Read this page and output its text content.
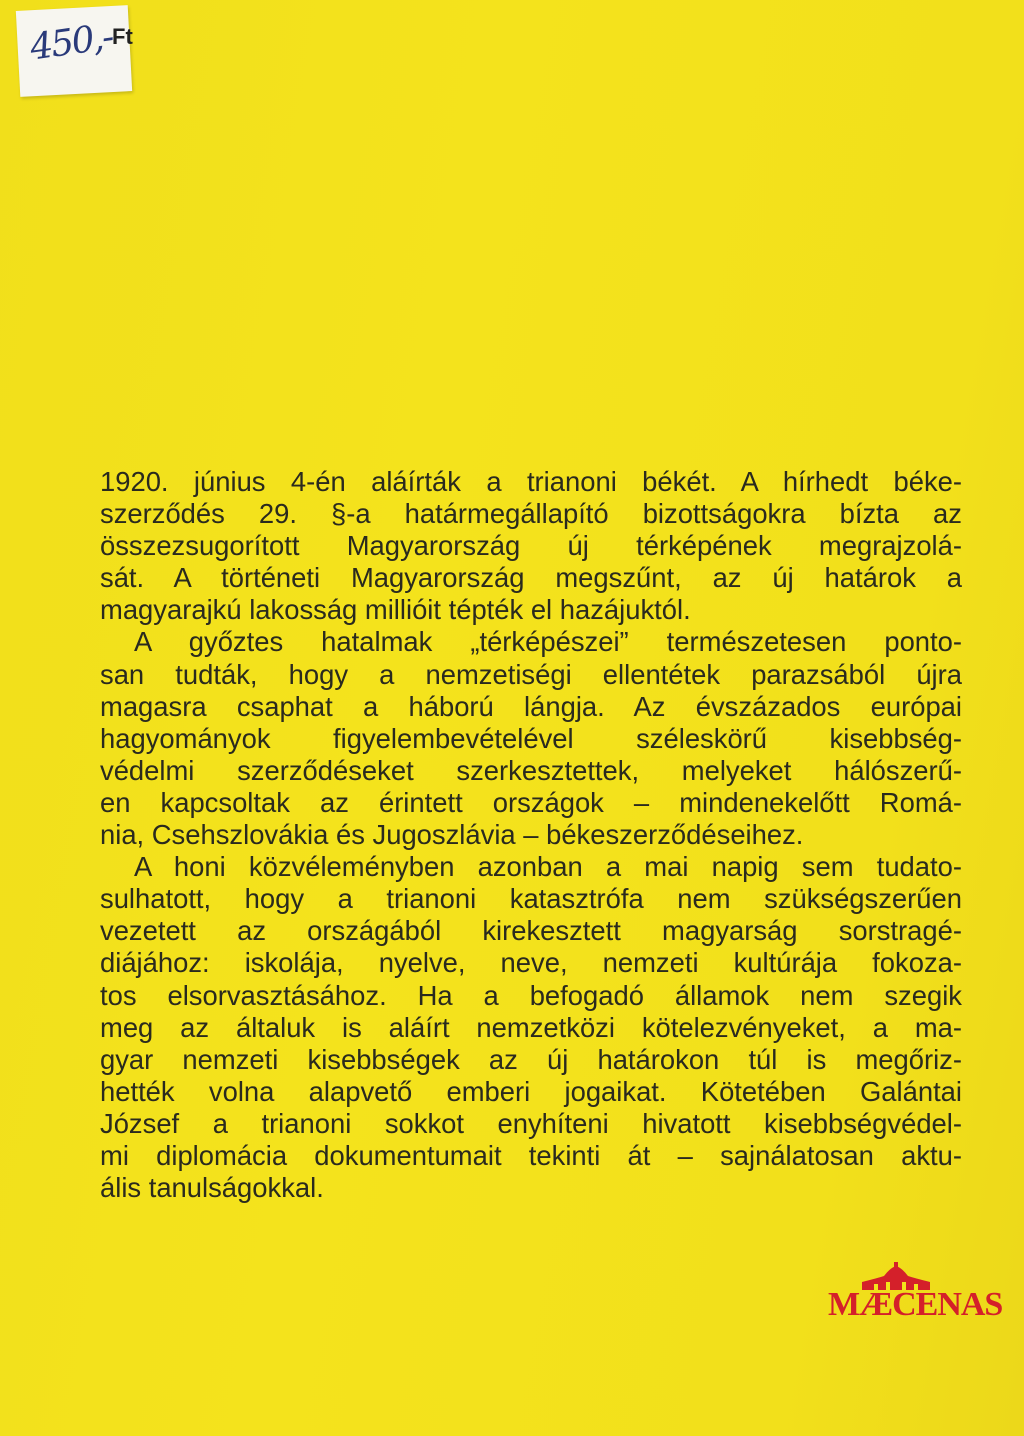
450,-
Ft

1920. június 4-én aláírták a trianoni békét. A hírhedt béke-
szerződés 29. §-a határmegállapító bizottságokra bízta az
összezsugorított Magyarország új térképének megrajzolá-
sát. A történeti Magyarország megszűnt, az új határok a
magyarajkú lakosság millióit tépték el hazájuktól.

A győztes hatalmak „térképészei” természetesen ponto-
san tudták, hogy a nemzetiségi ellentétek parazsából újra
magasra csaphat a háború lángja. Az évszázados európai
hagyományok figyelembevételével széleskörű kisebbség-
védelmi szerződéseket szerkesztettek, melyeket hálószerű-
en kapcsoltak az érintett országok – mindenekelőtt Romá-
nia, Csehszlovákia és Jugoszlávia – békeszerződéseihez.

A honi közvéleményben azonban a mai napig sem tudato-
sulhatott, hogy a trianoni katasztrófa nem szükségszerűen
vezetett az országából kirekesztett magyarság sorstragé-
diájához: iskolája, nyelve, neve, nemzeti kultúrája fokoza-
tos elsorvasztásához. Ha a befogadó államok nem szegik
meg az általuk is aláírt nemzetközi kötelezvényeket, a ma-
gyar nemzeti kisebbségek az új határokon túl is megőriz-
hették volna alapvető emberi jogaikat. Kötetében Galántai
József a trianoni sokkot enyhíteni hivatott kisebbségvédel-
mi diplomácia dokumentumait tekinti át – sajnálatosan aktu-
ális tanulságokkal.

MÆCENAS
